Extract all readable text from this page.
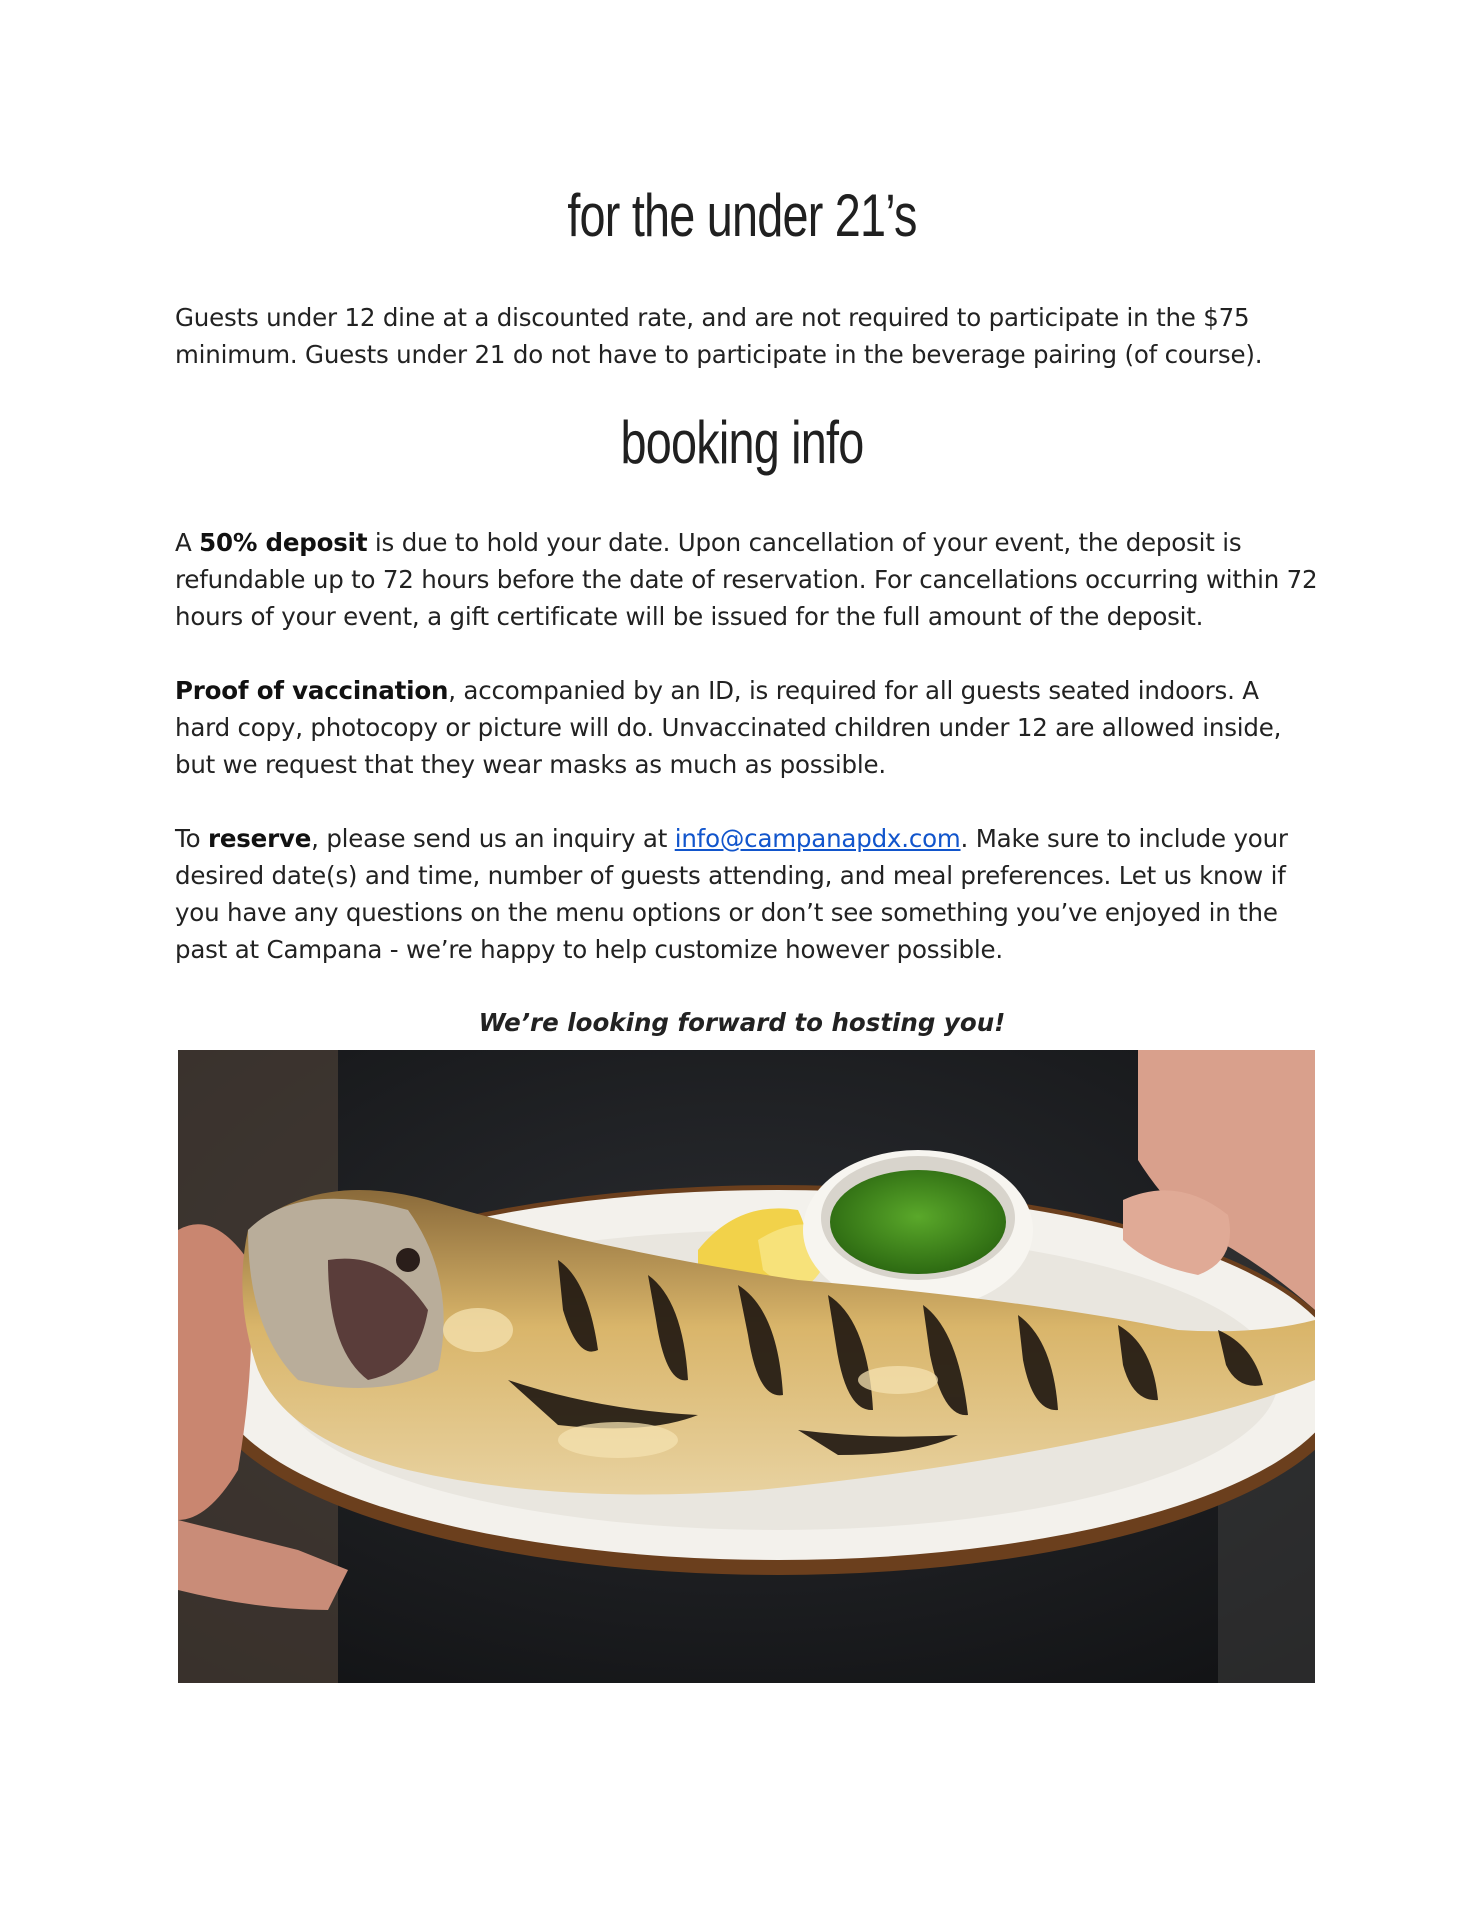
for the under 21’s

Guests under 12 dine at a discounted rate, and are not required to participate in the $75 minimum. Guests under 21 do not have to participate in the beverage pairing (of course).

booking info

A 50% deposit is due to hold your date. Upon cancellation of your event, the deposit is refundable up to 72 hours before the date of reservation. For cancellations occurring within 72 hours of your event, a gift certificate will be issued for the full amount of the deposit.

Proof of vaccination, accompanied by an ID, is required for all guests seated indoors. A hard copy, photocopy or picture will do. Unvaccinated children under 12 are allowed inside, but we request that they wear masks as much as possible.

To reserve, please send us an inquiry at info@campanapdx.com. Make sure to include your desired date(s) and time, number of guests attending, and meal preferences. Let us know if you have any questions on the menu options or don’t see something you’ve enjoyed in the past at Campana - we’re happy to help customize however possible.

We’re looking forward to hosting you!
